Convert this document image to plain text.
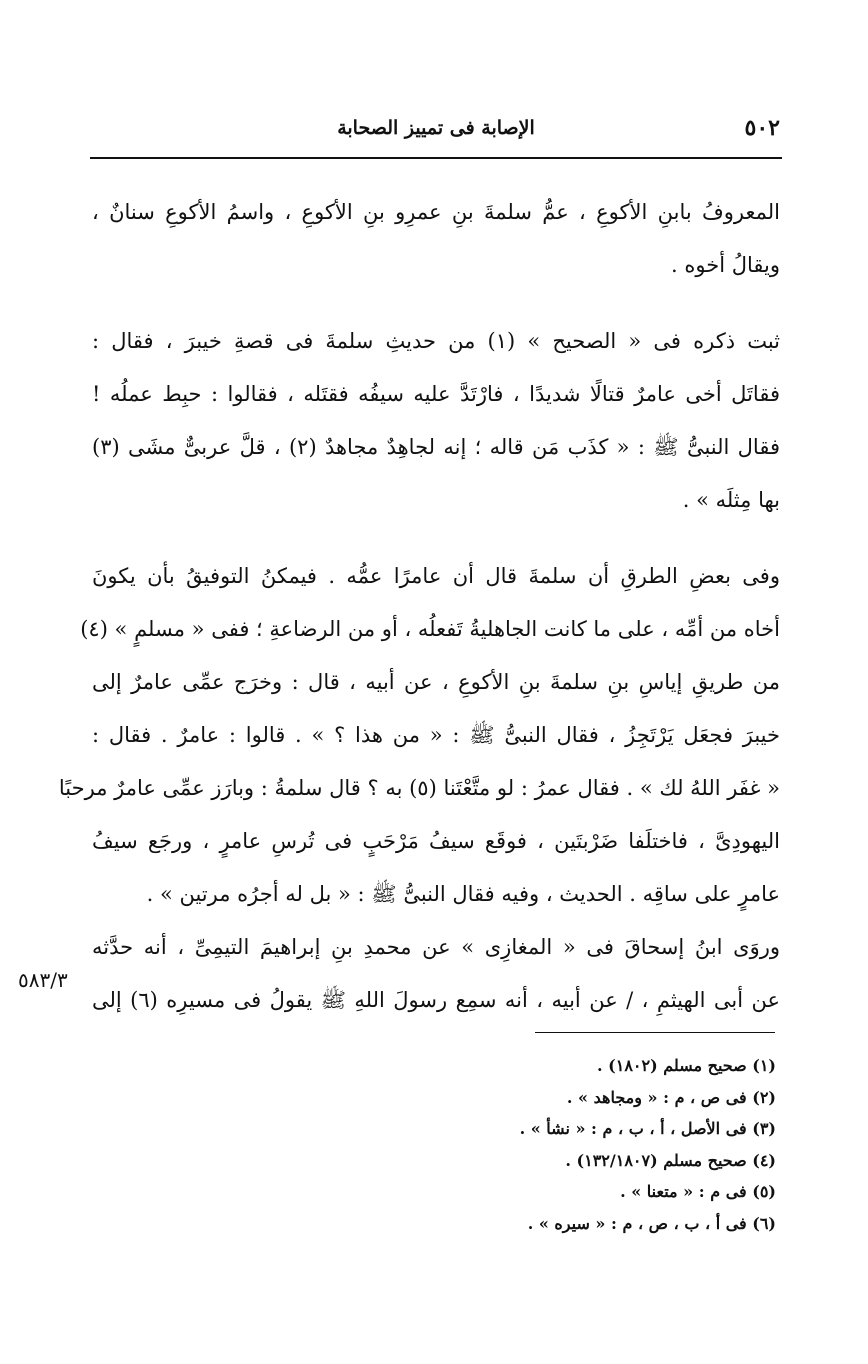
٥٠٢
الإصابة فى تمييز الصحابة
المعروفُ بابنِ الأكوعِ ، عمُّ سلمةَ بنِ عمرِو بنِ الأكوعِ ، واسمُ الأكوعِ سنانٌ ،
ويقالُ أخوه .
ثبت ذكره فى « الصحيح » (١) من حديثِ سلمةَ فى قصةِ خيبرَ ، فقال :
فقاتَل أخى عامرٌ قتالًا شديدًا ، فارْتَدَّ عليه سيفُه فقتَله ، فقالوا : حبِط عملُه !
فقال النبىُّ ﷺ : « كذَب مَن قاله ؛ إنه لجاهِدٌ مجاهدٌ (٢) ، قلَّ عربىٌّ مشَى (٣)
بها مِثلَه » .
وفى بعضِ الطرقِ أن سلمةَ قال أن عامرًا عمُّه . فيمكنُ التوفيقُ بأن يكونَ
أخاه من أمِّه ، على ما كانت الجاهليةُ تَفعلُه ، أو من الرضاعةِ ؛ ففى « مسلمٍ » (٤)
من طريقِ إياسِ بنِ سلمةَ بنِ الأكوعِ ، عن أبيه ، قال : وخرَج عمِّى عامرٌ إلى
خيبرَ فجعَل يَرْتَجِزُ ، فقال النبىُّ ﷺ : « من هذا ؟ » . قالوا : عامرٌ . فقال :
« غفَر اللهُ لك » . فقال عمرُ : لو متَّعْتَنا (٥) به ؟ قال سلمةُ : وبارَز عمِّى عامرٌ مرحبًا
اليهودِىَّ ، فاختلَفا ضَرْبتَين ، فوقَع سيفُ مَرْحَبٍ فى تُرسِ عامرٍ ، ورجَع سيفُ
عامرٍ على ساقِه . الحديث ، وفيه فقال النبىُّ ﷺ : « بل له أجرُه مرتين » .
وروَى ابنُ إسحاقَ فى « المغازِى » عن محمدِ بنِ إبراهيمَ التيمِىِّ ، أنه حدَّثه
عن أبى الهيثمِ ، / عن أبيه ، أنه سمِع رسولَ اللهِ ﷺ يقولُ فى مسيرِه (٦) إلى
٥٨٣/٣
(١) صحيح مسلم (١٨٠٢) .
(٢) فى ص ، م : « ومجاهد » .
(٣) فى الأصل ، أ ، ب ، م : « نشأ » .
(٤) صحيح مسلم (١٣٢/١٨٠٧) .
(٥) فى م : « متعنا » .
(٦) فى أ ، ب ، ص ، م : « سيره » .
